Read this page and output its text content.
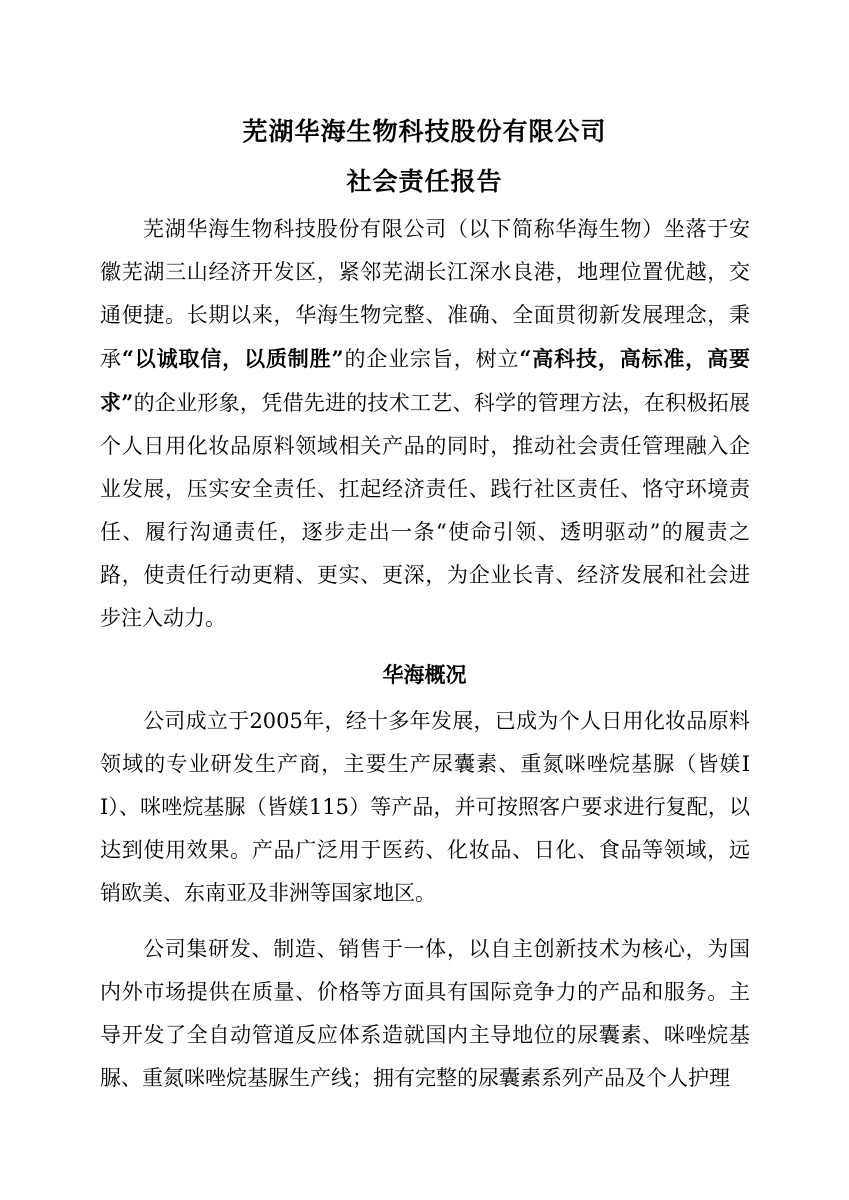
芜湖华海生物科技股份有限公司
社会责任报告

芜湖华海生物科技股份有限公司（以下简称华海生物）坐落于安徽芜湖三山经济开发区，紧邻芜湖长江深水良港，地理位置优越，交通便捷。长期以来，华海生物完整、准确、全面贯彻新发展理念，秉承“以诚取信，以质制胜”的企业宗旨，树立“高科技，高标准，高要求”的企业形象，凭借先进的技术工艺、科学的管理方法，在积极拓展个人日用化妆品原料领域相关产品的同时，推动社会责任管理融入企业发展，压实安全责任、扛起经济责任、践行社区责任、恪守环境责任、履行沟通责任，逐步走出一条“使命引领、透明驱动”的履责之路，使责任行动更精、更实、更深，为企业长青、经济发展和社会进步注入动力。

华海概况

公司成立于2005年，经十多年发展，已成为个人日用化妆品原料领域的专业研发生产商，主要生产尿囊素、重氮咪唑烷基脲（皆媄II）、咪唑烷基脲（皆媄115）等产品，并可按照客户要求进行复配，以达到使用效果。产品广泛用于医药、化妆品、日化、食品等领域，远销欧美、东南亚及非洲等国家地区。

公司集研发、制造、销售于一体，以自主创新技术为核心，为国内外市场提供在质量、价格等方面具有国际竞争力的产品和服务。主导开发了全自动管道反应体系造就国内主导地位的尿囊素、咪唑烷基脲、重氮咪唑烷基脲生产线；拥有完整的尿囊素系列产品及个人护理
